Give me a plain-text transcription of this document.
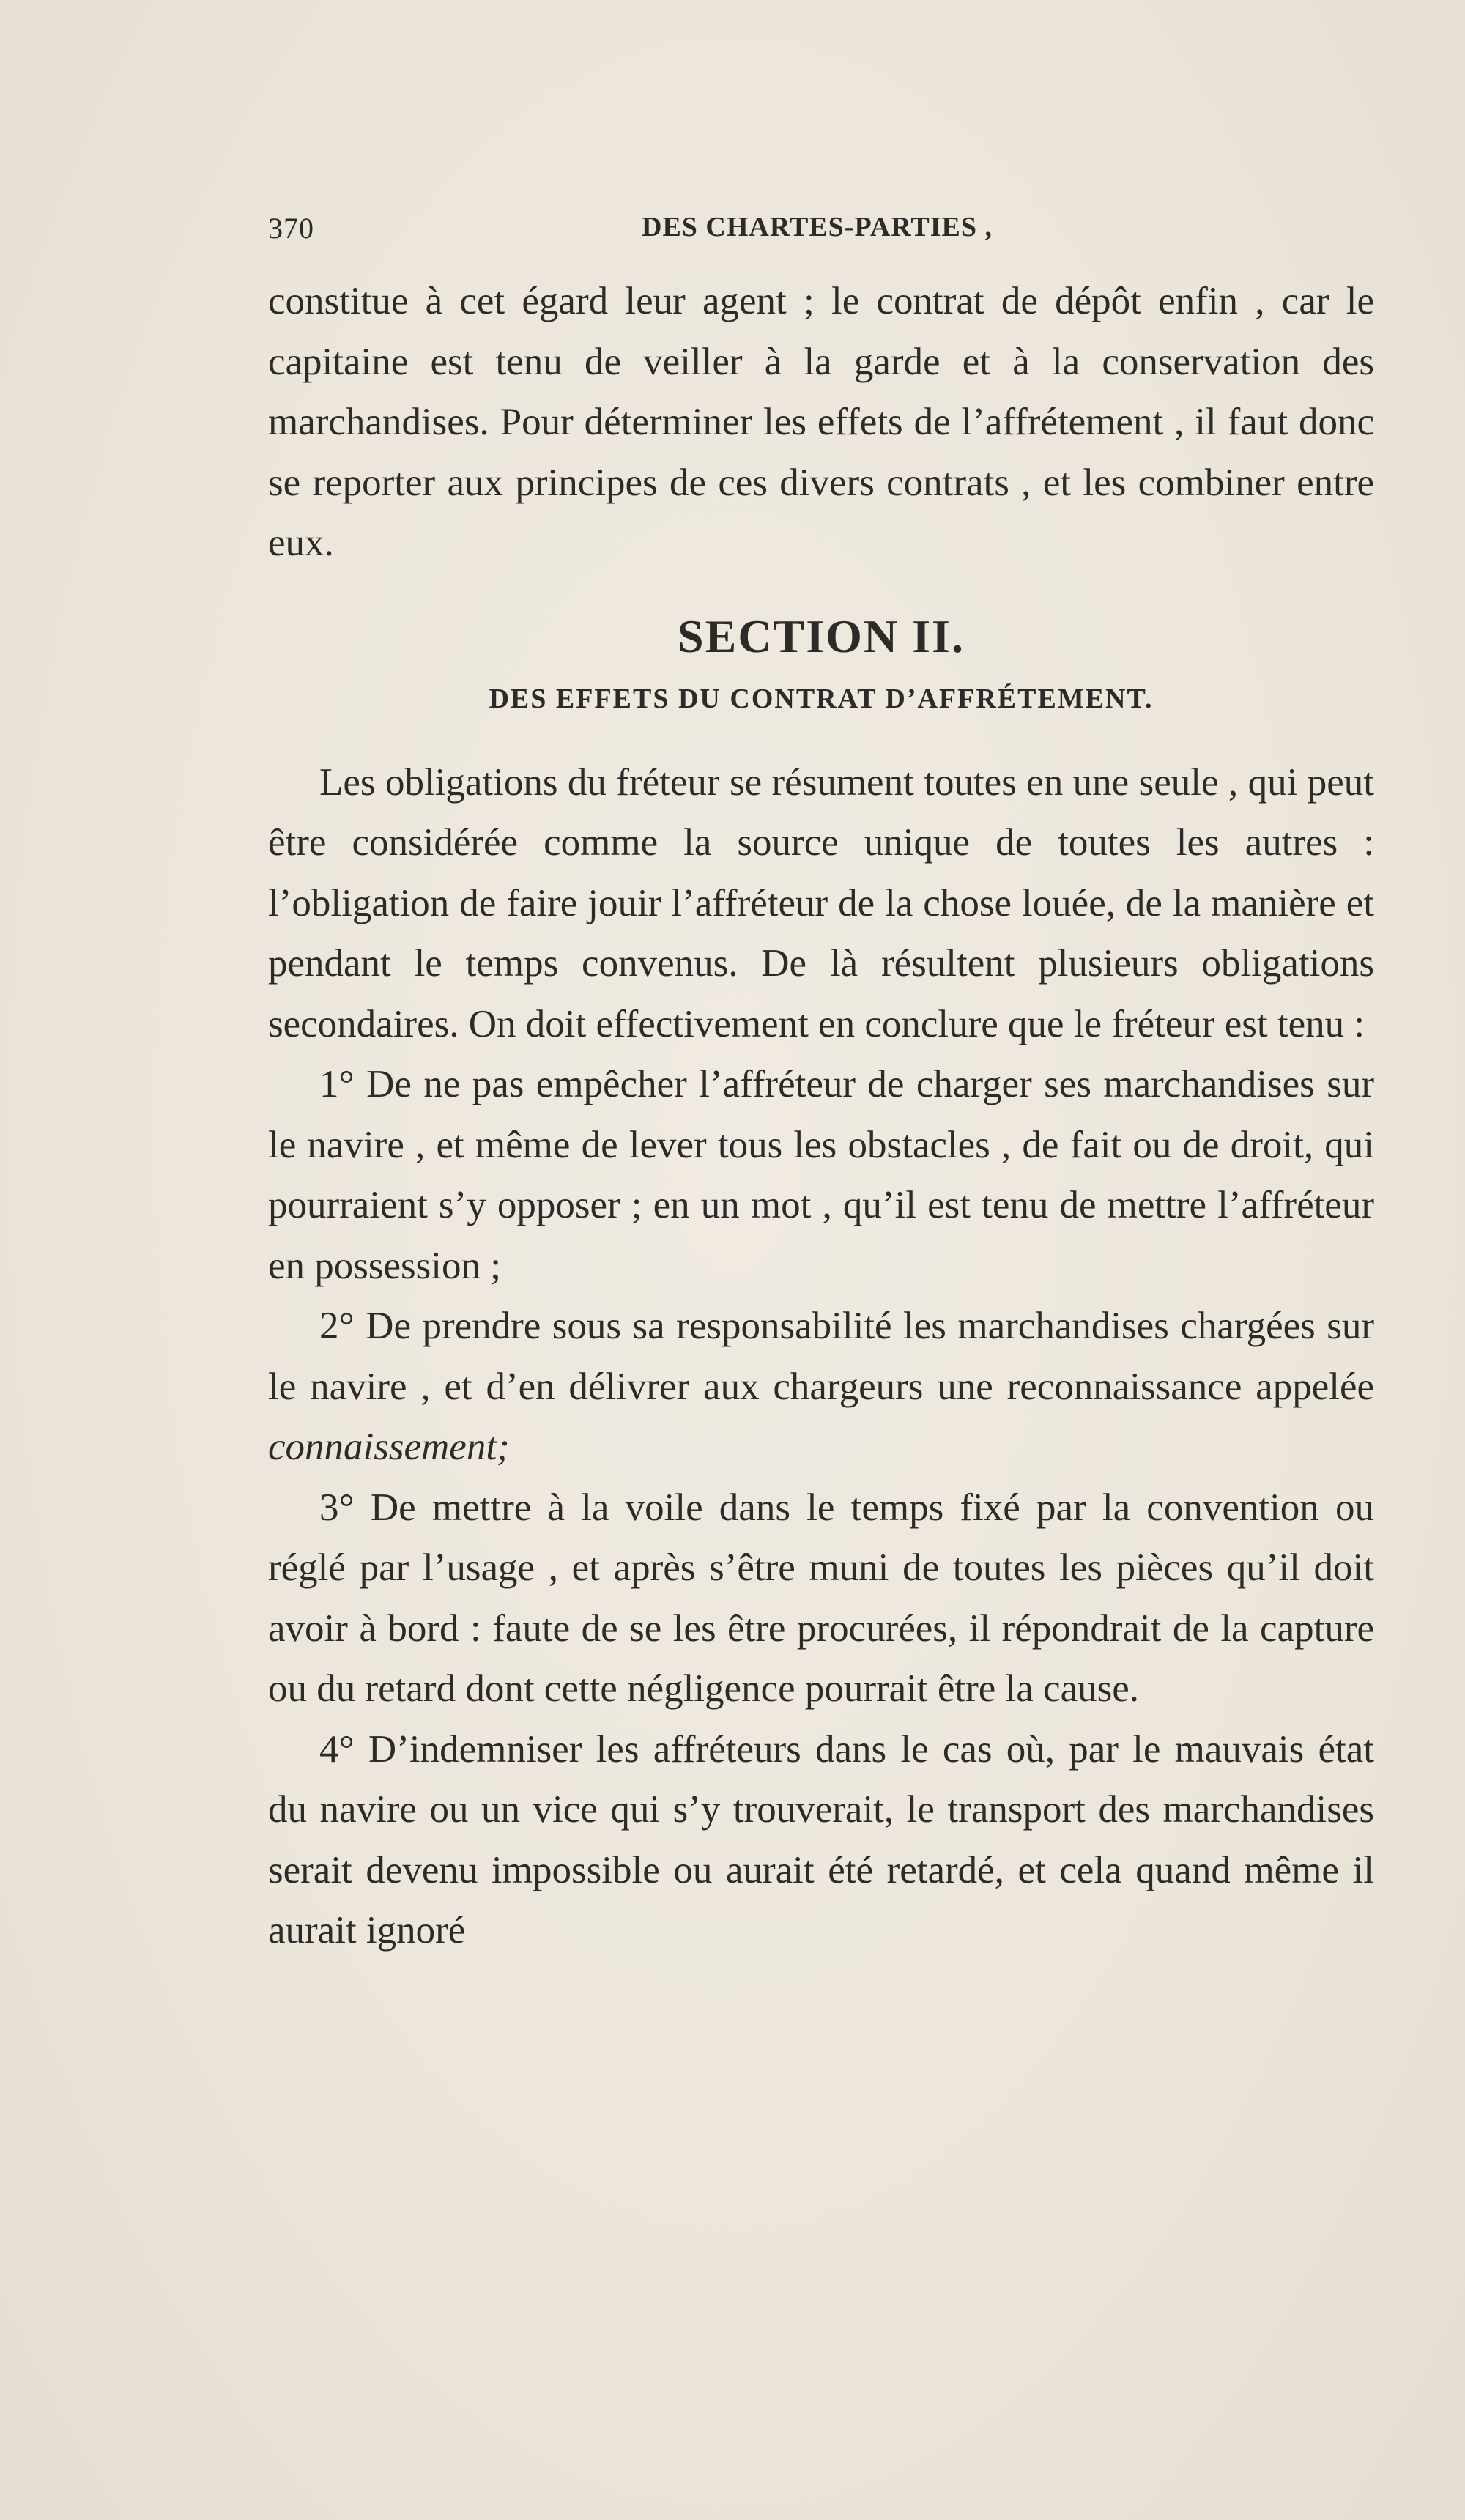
370	DES CHARTES-PARTIES ,

constitue à cet égard leur agent ; le contrat de dépôt enfin , car le capitaine est tenu de veiller à la garde et à la conservation des marchandises. Pour déterminer les effets de l’affrétement , il faut donc se reporter aux principes de ces divers contrats , et les combiner entre eux.

SECTION II.
DES EFFETS DU CONTRAT D’AFFRÉTEMENT.

Les obligations du fréteur se résument toutes en une seule , qui peut être considérée comme la source unique de toutes les autres : l’obligation de faire jouir l’affréteur de la chose louée, de la manière et pendant le temps convenus. De là résultent plusieurs obligations secondaires. On doit effectivement en conclure que le fréteur est tenu :

1° De ne pas empêcher l’affréteur de charger ses marchandises sur le navire , et même de lever tous les obstacles , de fait ou de droit, qui pourraient s’y opposer ; en un mot , qu’il est tenu de mettre l’affréteur en possession ;

2° De prendre sous sa responsabilité les marchandises chargées sur le navire , et d’en délivrer aux chargeurs une reconnaissance appelée connaissement;

3° De mettre à la voile dans le temps fixé par la convention ou réglé par l’usage , et après s’être muni de toutes les pièces qu’il doit avoir à bord : faute de se les être procurées, il répondrait de la capture ou du retard dont cette négligence pourrait être la cause.

4° D’indemniser les affréteurs dans le cas où, par le mauvais état du navire ou un vice qui s’y trouverait, le transport des marchandises serait devenu impossible ou aurait été retardé, et cela quand même il aurait ignoré
